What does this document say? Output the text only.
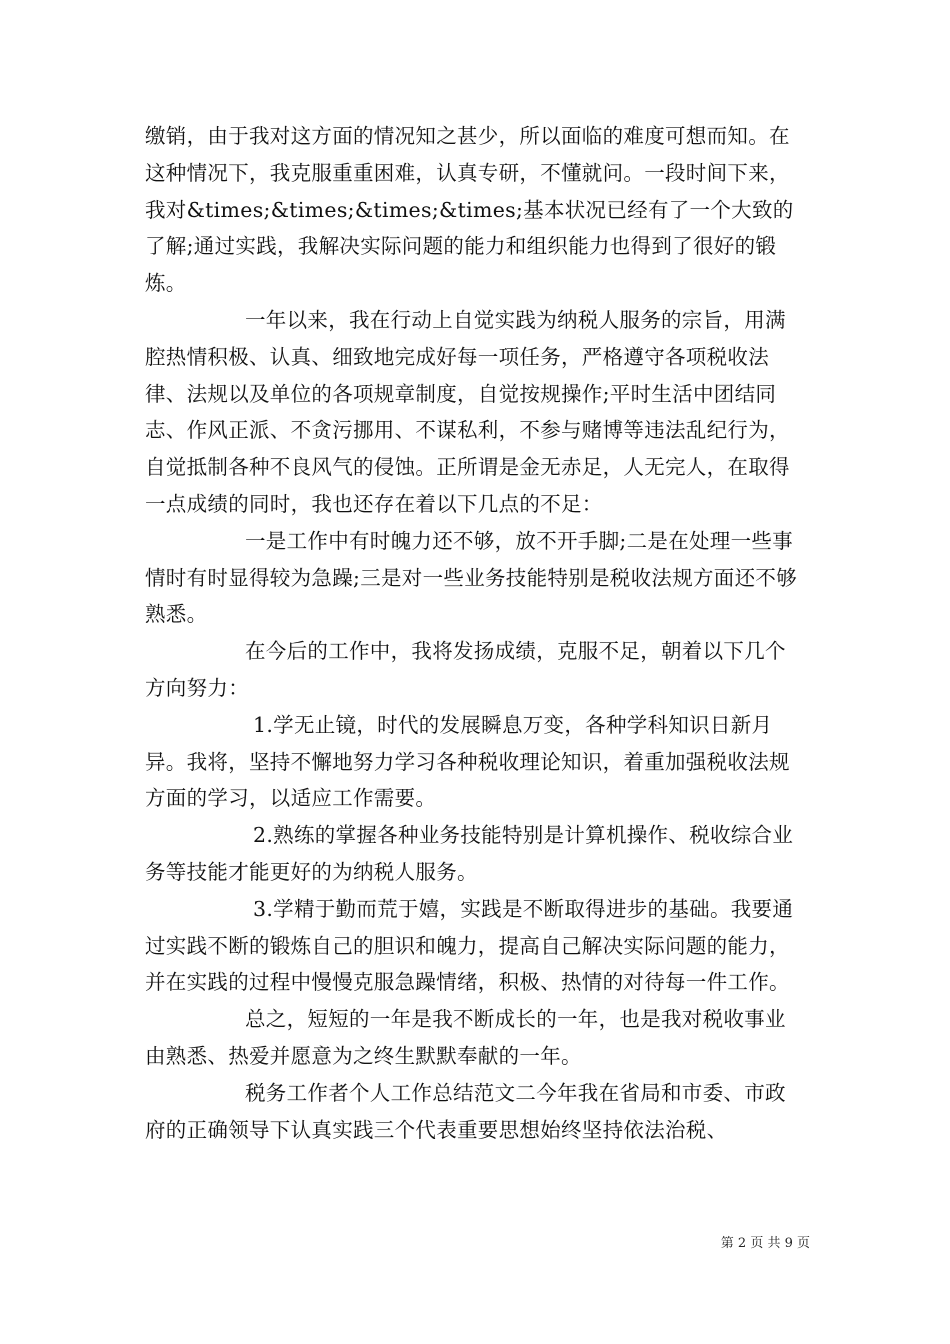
缴销，由于我对这方面的情况知之甚少，所以面临的难度可想而知。在这种情况下，我克服重重困难，认真专研，不懂就问。一段时间下来，我对&times;&times;&times;&times;基本状况已经有了一个大致的了解;通过实践，我解决实际问题的能力和组织能力也得到了很好的锻炼。

一年以来，我在行动上自觉实践为纳税人服务的宗旨，用满腔热情积极、认真、细致地完成好每一项任务，严格遵守各项税收法律、法规以及单位的各项规章制度，自觉按规操作;平时生活中团结同志、作风正派、不贪污挪用、不谋私利，不参与赌博等违法乱纪行为，自觉抵制各种不良风气的侵蚀。正所谓是金无赤足，人无完人，在取得一点成绩的同时，我也还存在着以下几点的不足：

一是工作中有时魄力还不够，放不开手脚;二是在处理一些事情时有时显得较为急躁;三是对一些业务技能特别是税收法规方面还不够熟悉。

在今后的工作中，我将发扬成绩，克服不足，朝着以下几个方向努力：

1.学无止镜，时代的发展瞬息万变，各种学科知识日新月异。我将，坚持不懈地努力学习各种税收理论知识，着重加强税收法规方面的学习，以适应工作需要。

2.熟练的掌握各种业务技能特别是计算机操作、税收综合业务等技能才能更好的为纳税人服务。

3.学精于勤而荒于嬉，实践是不断取得进步的基础。我要通过实践不断的锻炼自己的胆识和魄力，提高自己解决实际问题的能力，并在实践的过程中慢慢克服急躁情绪，积极、热情的对待每一件工作。

总之，短短的一年是我不断成长的一年，也是我对税收事业由熟悉、热爱并愿意为之终生默默奉献的一年。

税务工作者个人工作总结范文二今年我在省局和市委、市政府的正确领导下认真实践三个代表重要思想始终坚持依法治税、

第 2 页 共 9 页
